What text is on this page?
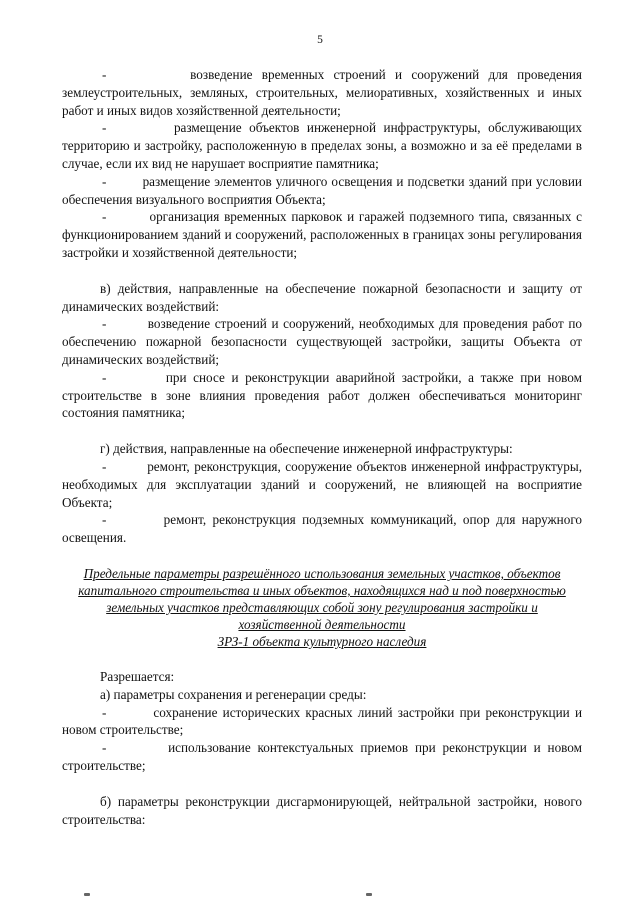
5

-         возведение временных строений и сооружений для проведения землеустроительных, земляных, строительных, мелиоративных, хозяйственных и иных работ и иных видов хозяйственной деятельности;

-         размещение объектов инженерной инфраструктуры, обслуживающих территорию и застройку, расположенную в пределах зоны, а возможно и за её пределами в случае, если их вид не нарушает восприятие памятника;

-         размещение элементов уличного освещения и подсветки зданий при условии обеспечения визуального восприятия Объекта;

-         организация временных парковок и гаражей подземного типа, связанных с функционированием зданий и сооружений, расположенных в границах зоны регулирования застройки и хозяйственной деятельности;

в) действия, направленные на обеспечение пожарной безопасности и защиту от динамических воздействий:

-         возведение строений и сооружений, необходимых для проведения работ по обеспечению пожарной безопасности существующей застройки, защиты Объекта от динамических воздействий;

-         при сносе и реконструкции аварийной застройки, а также при новом строительстве в зоне влияния проведения работ должен обеспечиваться мониторинг состояния памятника;

г) действия, направленные на обеспечение инженерной инфраструктуры:

-         ремонт, реконструкция, сооружение объектов инженерной инфраструктуры, необходимых для эксплуатации зданий и сооружений, не влияющей на восприятие Объекта;

-         ремонт, реконструкция подземных коммуникаций, опор для наружного освещения.

Предельные параметры разрешённого использования земельных участков, объектов капитального строительства и иных объектов, находящихся над и под поверхностью земельных участков представляющих собой зону регулирования застройки и хозяйственной деятельности
ЗРЗ-1 объекта культурного наследия

Разрешается:

а) параметры сохранения и регенерации среды:

-         сохранение исторических красных линий застройки при реконструкции и новом строительстве;

-         использование контекстуальных приемов при реконструкции и новом строительстве;

б) параметры реконструкции дисгармонирующей, нейтральной застройки, нового строительства:
